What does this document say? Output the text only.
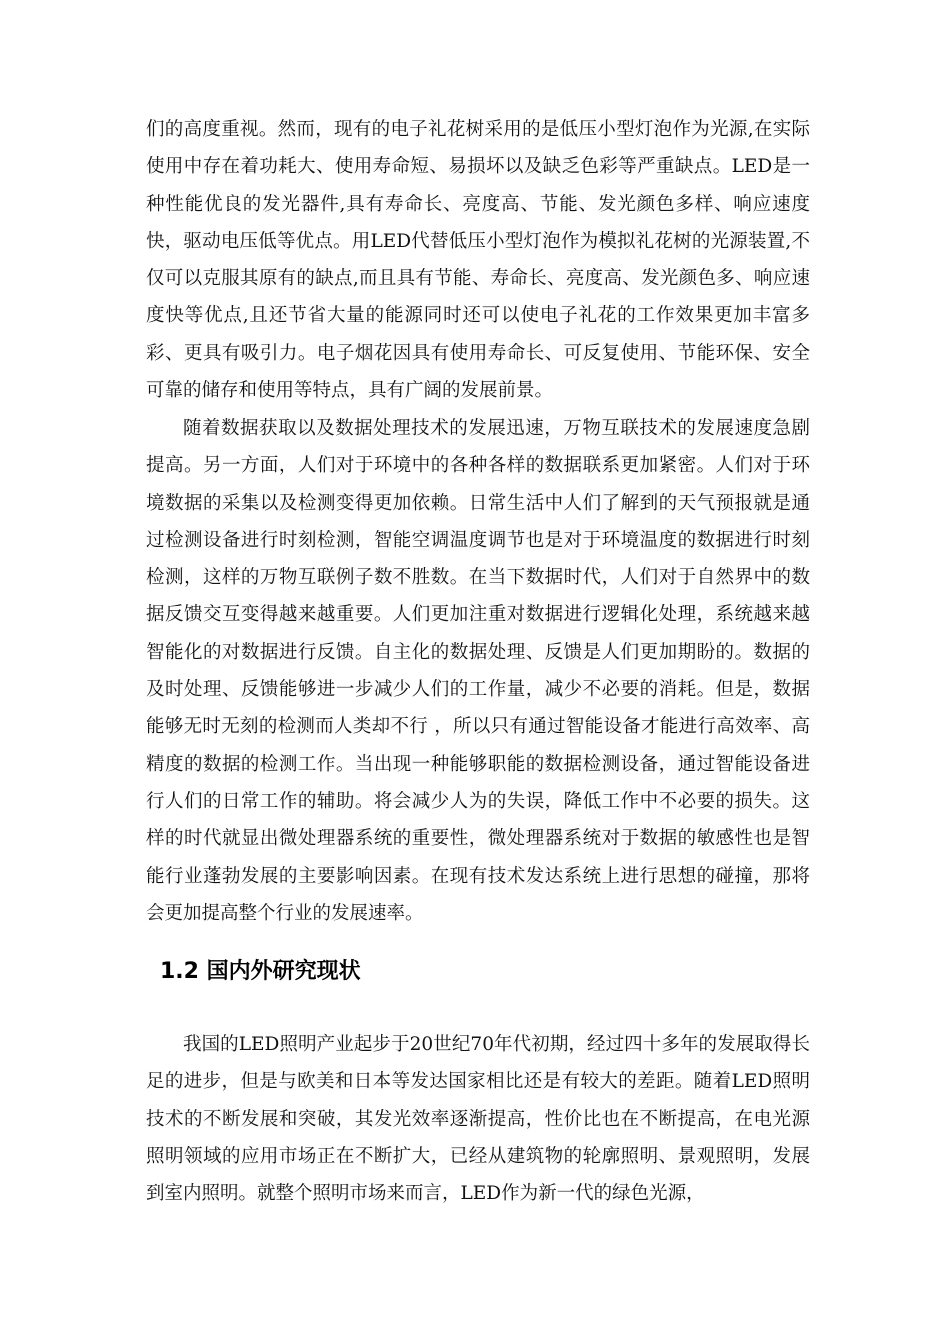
们的高度重视。然而，现有的电子礼花树采用的是低压小型灯泡作为光源,在实际使用中存在着功耗大、使用寿命短、易损坏以及缺乏色彩等严重缺点。LED是一种性能优良的发光器件,具有寿命长、亮度高、节能、发光颜色多样、响应速度快，驱动电压低等优点。用LED代替低压小型灯泡作为模拟礼花树的光源装置,不仅可以克服其原有的缺点,而且具有节能、寿命长、亮度高、发光颜色多、响应速度快等优点,且还节省大量的能源同时还可以使电子礼花的工作效果更加丰富多彩、更具有吸引力。电子烟花因具有使用寿命长、可反复使用、节能环保、安全可靠的储存和使用等特点，具有广阔的发展前景。

随着数据获取以及数据处理技术的发展迅速，万物互联技术的发展速度急剧提高。另一方面，人们对于环境中的各种各样的数据联系更加紧密。人们对于环境数据的采集以及检测变得更加依赖。日常生活中人们了解到的天气预报就是通过检测设备进行时刻检测，智能空调温度调节也是对于环境温度的数据进行时刻检测，这样的万物互联例子数不胜数。在当下数据时代，人们对于自然界中的数据反馈交互变得越来越重要。人们更加注重对数据进行逻辑化处理，系统越来越智能化的对数据进行反馈。自主化的数据处理、反馈是人们更加期盼的。数据的及时处理、反馈能够进一步减少人们的工作量，减少不必要的消耗。但是，数据能够无时无刻的检测而人类却不行 ，所以只有通过智能设备才能进行高效率、高精度的数据的检测工作。当出现一种能够职能的数据检测设备，通过智能设备进行人们的日常工作的辅助。将会减少人为的失误，降低工作中不必要的损失。这样的时代就显出微处理器系统的重要性，微处理器系统对于数据的敏感性也是智能行业蓬勃发展的主要影响因素。在现有技术发达系统上进行思想的碰撞，那将会更加提高整个行业的发展速率。

1.2 国内外研究现状

我国的LED照明产业起步于20世纪70年代初期，经过四十多年的发展取得长足的进步，但是与欧美和日本等发达国家相比还是有较大的差距。随着LED照明技术的不断发展和突破，其发光效率逐渐提高，性价比也在不断提高，在电光源照明领域的应用市场正在不断扩大，已经从建筑物的轮廓照明、景观照明，发展到室内照明。就整个照明市场来而言，LED作为新一代的绿色光源，
